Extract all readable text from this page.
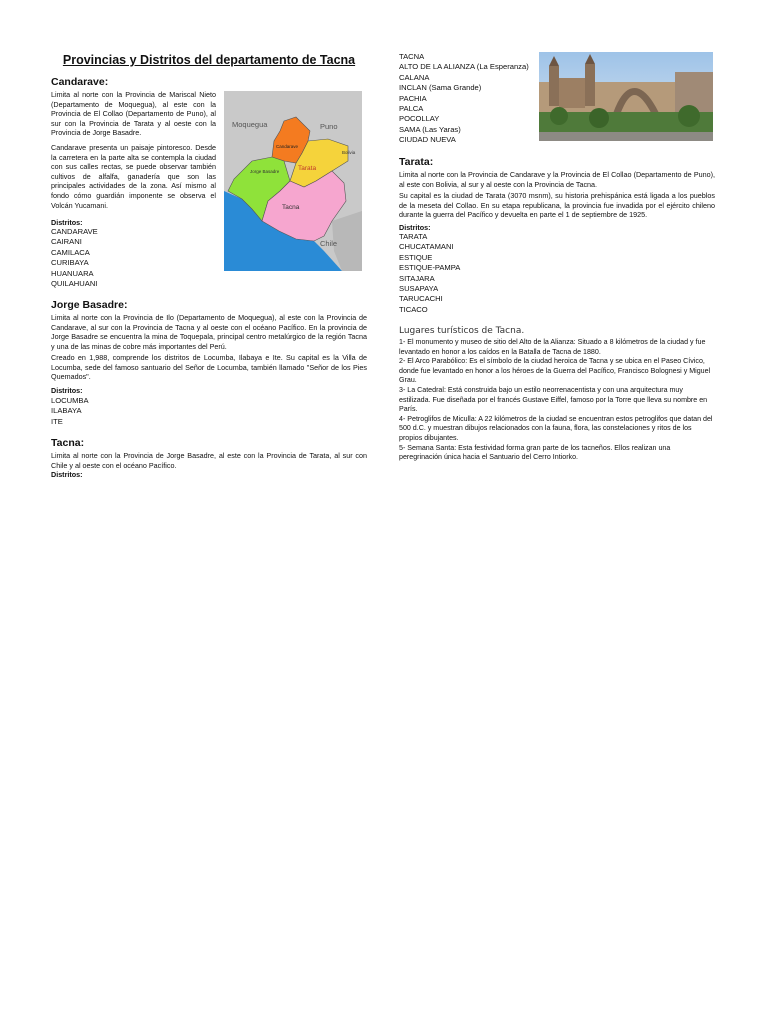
Provincias y Distritos del departamento de Tacna
Candarave:

Limita al norte con la Provincia de Mariscal Nieto (Departamento de Moquegua), al este con la Provincia de El Collao (Departamento de Puno), al sur con la Provincia de Tarata y al oeste con la Provincia de Jorge Basadre.

Candarave presenta un paisaje pintoresco. Desde la carretera en la parte alta se contempla la ciudad con sus calles rectas, se puede observar también cultivos de alfalfa, ganadería que son las principales actividades de la zona. Así mismo al fondo cómo guardián imponente se observa el Volcán Yucamani.

Distritos:
CANDARAVE
CAIRANI
CAMILACA
CURIBAYA
HUANUARA
QUILAHUANI
Moquegua	Puno
Bolivia
Candarave
Tarata
Jorge Basadre
Tacna
Chile
Jorge Basadre:

Limita al norte con la Provincia de Ilo (Departamento de Moquegua), al este con la Provincia de Candarave, al sur con la Provincia de Tacna y al oeste con el océano Pacífico. En la provincia de Jorge Basadre se encuentra la mina de Toquepala, principal centro metalúrgico de la región Tacna y una de las minas de cobre más importantes del Perú.

Creado en 1,988, comprende los distritos de Locumba, Ilabaya e Ite. Su capital es la Villa de Locumba, sede del famoso santuario del Señor de Locumba, también llamado "Señor de los Pies Quemados".

Distritos:
LOCUMBA
ILABAYA
ITE
Tacna:

Limita al norte con la Provincia de Jorge Basadre, al este con la Provincia de Tarata, al sur con Chile y al oeste con el océano Pacífico.

Distritos:
TACNA
ALTO DE LA ALIANZA (La Esperanza)
CALANA
INCLAN (Sama Grande)
PACHIA
PALCA
POCOLLAY
SAMA (Las Yaras)
CIUDAD NUEVA
Tarata:

Limita al norte con la Provincia de Candarave y la Provincia de El Collao (Departamento de Puno), al este con Bolivia, al sur y al oeste con la Provincia de Tacna.

Su capital es la ciudad de Tarata (3070 msnm), su historia prehispánica está ligada a los pueblos de la meseta del Collao. En su etapa republicana, la provincia fue invadida por el ejército chileno durante la guerra del Pacífico y devuelta en parte el 1 de septiembre de 1925.

Distritos:
TARATA
CHUCATAMANI
ESTIQUE
ESTIQUE-PAMPA
SITAJARA
SUSAPAYA
TARUCACHI
TICACO
Lugares turísticos de Tacna.

1- El monumento y museo de sitio del Alto de la Alianza: Situado a 8 kilómetros de la ciudad y fue levantado en honor a los caídos en la Batalla de Tacna de 1880.

2- El Arco Parabólico: Es el símbolo de la ciudad heroica de Tacna y se ubica en el Paseo Cívico, donde fue levantado en honor a los héroes de la Guerra del Pacífico, Francisco Bolognesi y Miguel Grau.

3- La Catedral: Está construida bajo un estilo neorrenacentista y con una arquitectura muy estilizada. Fue diseñada por el francés Gustave Eiffel, famoso por la Torre que lleva su nombre en París.

4- Petroglifos de Miculla: A 22 kilómetros de la ciudad se encuentran estos petroglifos que datan del 500 d.C. y muestran dibujos relacionados con la fauna, flora, las constelaciones y ritos de los propios dibujantes.

5- Semana Santa: Esta festividad forma gran parte de los tacneños. Ellos realizan una peregrinación única hacia el Santuario del Cerro Intiorko.
